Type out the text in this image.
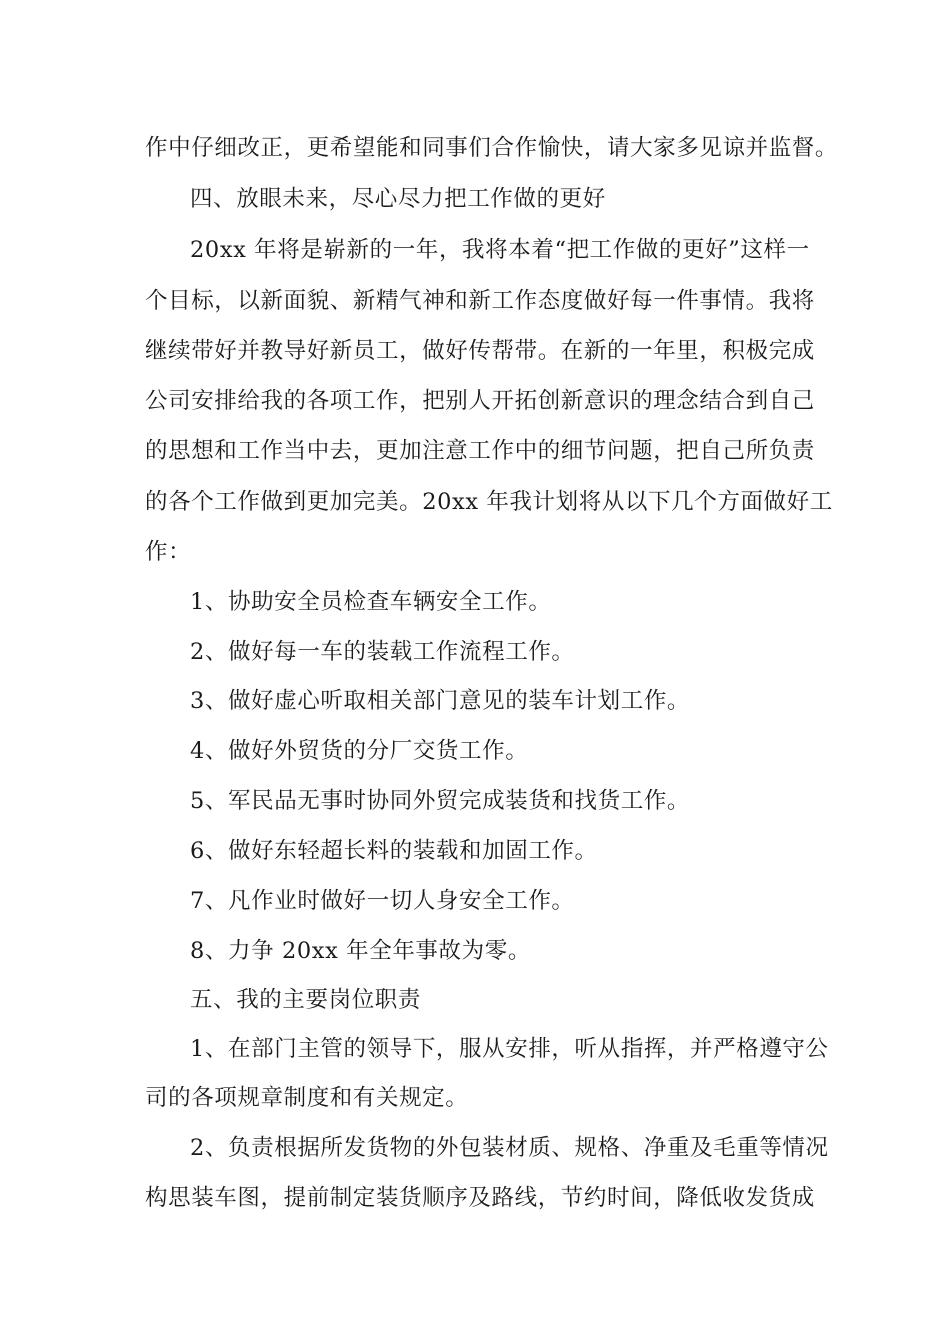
作中仔细改正，更希望能和同事们合作愉快，请大家多见谅并监督。
四、放眼未来，尽心尽力把工作做的更好
20xx 年将是崭新的一年，我将本着“把工作做的更好”这样一
个目标，以新面貌、新精气神和新工作态度做好每一件事情。我将
继续带好并教导好新员工，做好传帮带。在新的一年里，积极完成
公司安排给我的各项工作，把别人开拓创新意识的理念结合到自己
的思想和工作当中去，更加注意工作中的细节问题，把自己所负责
的各个工作做到更加完美。20xx 年我计划将从以下几个方面做好工
作：
1、协助安全员检查车辆安全工作。
2、做好每一车的装载工作流程工作。
3、做好虚心听取相关部门意见的装车计划工作。
4、做好外贸货的分厂交货工作。
5、军民品无事时协同外贸完成装货和找货工作。
6、做好东轻超长料的装载和加固工作。
7、凡作业时做好一切人身安全工作。
8、力争 20xx 年全年事故为零。
五、我的主要岗位职责
1、在部门主管的领导下，服从安排，听从指挥，并严格遵守公
司的各项规章制度和有关规定。
2、负责根据所发货物的外包装材质、规格、净重及毛重等情况
构思装车图，提前制定装货顺序及路线，节约时间，降低收发货成
